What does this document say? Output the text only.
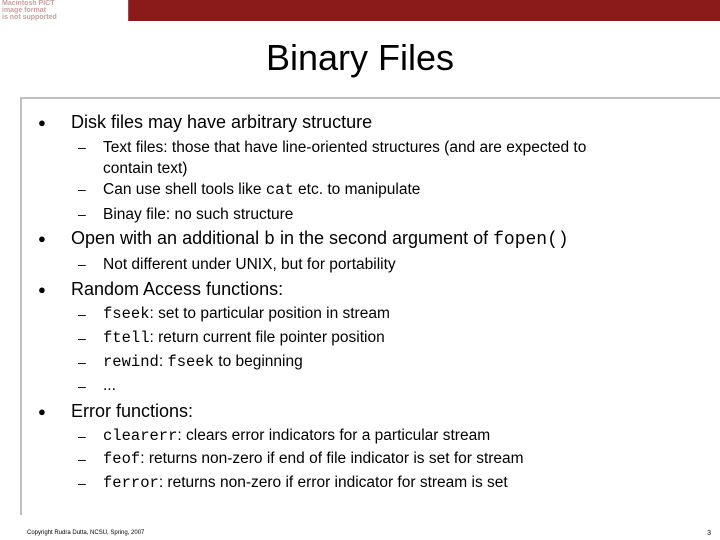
Macintosh PICT
image format
is not supported
Binary Files
● Disk files may have arbitrary structure
– Text files: those that have line-oriented structures (and are expected to
contain text)
– Can use shell tools like cat etc. to manipulate
– Binay file: no such structure
● Open with an additional b in the second argument of fopen()
– Not different under UNIX, but for portability
● Random Access functions:
– fseek: set to particular position in stream
– ftell: return current file pointer position
– rewind: fseek to beginning
– ...
● Error functions:
– clearerr: clears error indicators for a particular stream
– feof: returns non-zero if end of file indicator is set for stream
– ferror: returns non-zero if error indicator for stream is set
Copyright Rudra Dutta, NCSU, Spring, 2007	3
